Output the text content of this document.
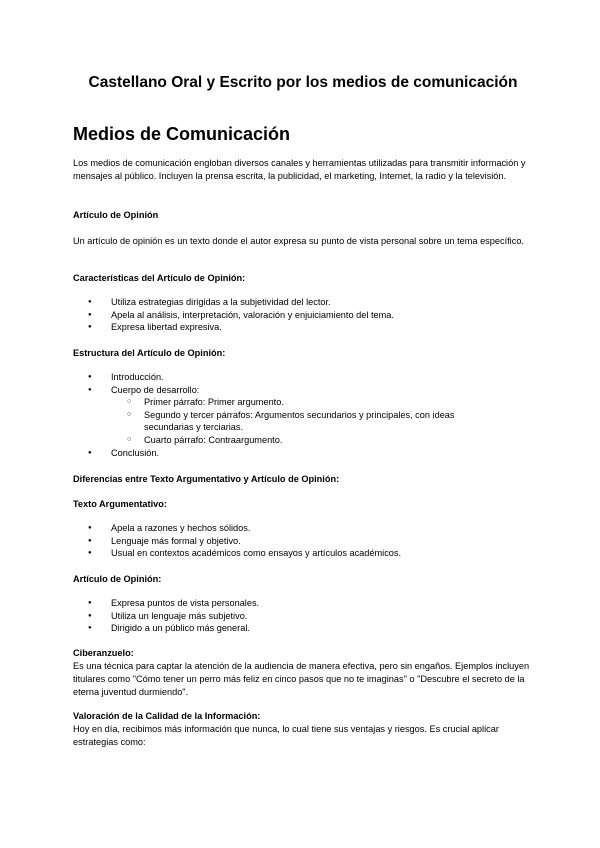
Castellano Oral y Escrito por los medios de comunicación
Medios de Comunicación
Los medios de comunicación engloban diversos canales y herramientas utilizadas para transmitir información y mensajes al público. Incluyen la prensa escrita, la publicidad, el marketing, Internet, la radio y la televisión.
Artículo de Opinión
Un artículo de opinión es un texto donde el autor expresa su punto de vista personal sobre un tema específico.
Características del Artículo de Opinión:
● Utiliza estrategias dirigidas a la subjetividad del lector.
● Apela al análisis, interpretación, valoración y enjuiciamiento del tema.
● Expresa libertad expresiva.
Estructura del Artículo de Opinión:
● Introducción.
● Cuerpo de desarrollo:
○ Primer párrafo: Primer argumento.
○ Segundo y tercer párrafos: Argumentos secundarios y principales, con ideas secundarias y terciarias.
○ Cuarto párrafo: Contraargumento.
● Conclusión.
Diferencias entre Texto Argumentativo y Artículo de Opinión:
Texto Argumentativo:
● Apela a razones y hechos sólidos.
● Lenguaje más formal y objetivo.
● Usual en contextos académicos como ensayos y artículos académicos.
Artículo de Opinión:
● Expresa puntos de vista personales.
● Utiliza un lenguaje más subjetivo.
● Dirigido a un público más general.
Ciberanzuelo:
Es una técnica para captar la atención de la audiencia de manera efectiva, pero sin engaños. Ejemplos incluyen titulares como "Cómo tener un perro más feliz en cinco pasos que no te imaginas" o "Descubre el secreto de la eterna juventud durmiendo".
Valoración de la Calidad de la Información:
Hoy en día, recibimos más información que nunca, lo cual tiene sus ventajas y riesgos. Es crucial aplicar estrategias como:
